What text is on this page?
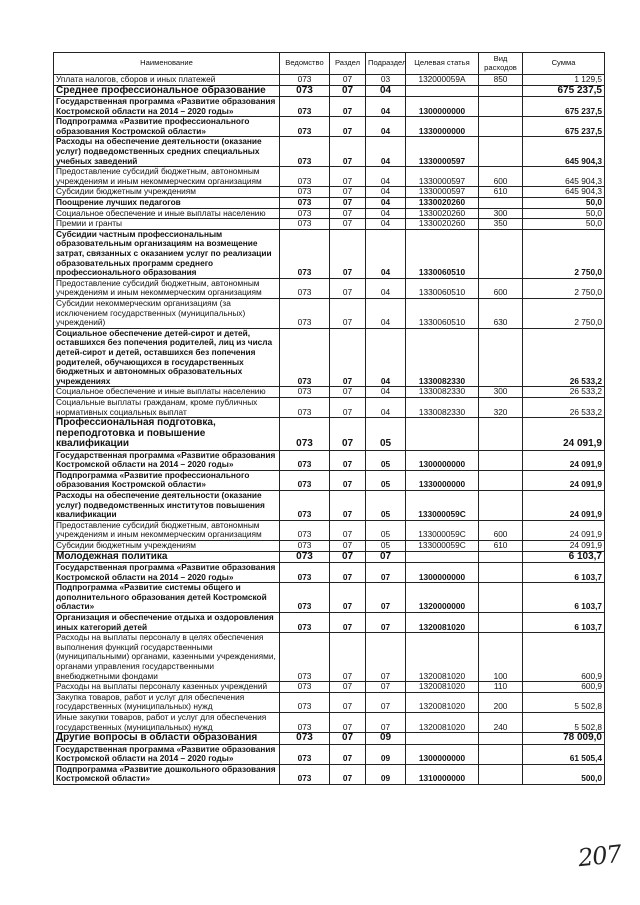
Наименование	Ведомство	Раздел	Подраздел	Целевая статья	Вид расходов	Сумма
Уплата налогов, сборов и иных платежей	073	07	03	132000059А	850	1 129,5
Среднее профессиональное образование	073	07	04			675 237,5
Государственная программа «Развитие образования Костромской области на 2014 – 2020 годы»	073	07	04	1300000000		675 237,5
Подпрограмма «Развитие профессионального образования Костромской области»	073	07	04	1330000000		675 237,5
Расходы на обеспечение деятельности (оказание услуг) подведомственных средних специальных учебных заведений	073	07	04	1330000597		645 904,3
Предоставление субсидий бюджетным, автономным учреждениям и иным некоммерческим организациям	073	07	04	1330000597	600	645 904,3
Субсидии бюджетным учреждениям	073	07	04	1330000597	610	645 904,3
Поощрение лучших педагогов	073	07	04	1330020260		50,0
Социальное обеспечение и иные выплаты населению	073	07	04	1330020260	300	50,0
Премии и гранты	073	07	04	1330020260	350	50,0
Субсидии частным профессиональным образовательным организациям на возмещение затрат, связанных с оказанием услуг по реализации образовательных программ среднего профессионального образования	073	07	04	1330060510		2 750,0
Предоставление субсидий бюджетным, автономным учреждениям и иным некоммерческим организациям	073	07	04	1330060510	600	2 750,0
Субсидии некоммерческим организациям (за исключением государственных (муниципальных) учреждений)	073	07	04	1330060510	630	2 750,0
Социальное обеспечение детей-сирот и детей, оставшихся без попечения родителей, лиц из числа детей-сирот и детей, оставшихся без попечения родителей, обучающихся в государственных бюджетных и автономных образовательных учреждениях	073	07	04	1330082330		26 533,2
Социальное обеспечение и иные выплаты населению	073	07	04	1330082330	300	26 533,2
Социальные выплаты гражданам, кроме публичных нормативных социальных выплат	073	07	04	1330082330	320	26 533,2
Профессиональная подготовка, переподготовка и повышение квалификации	073	07	05			24 091,9
Государственная программа «Развитие образования Костромской области на 2014 – 2020 годы»	073	07	05	1300000000		24 091,9
Подпрограмма «Развитие профессионального образования Костромской области»	073	07	05	1330000000		24 091,9
Расходы на обеспечение деятельности (оказание услуг) подведомственных институтов повышения квалификации	073	07	05	133000059С		24 091,9
Предоставление субсидий бюджетным, автономным учреждениям и иным некоммерческим организациям	073	07	05	133000059С	600	24 091,9
Субсидии бюджетным учреждениям	073	07	05	133000059С	610	24 091,9
Молодежная политика	073	07	07			6 103,7
Государственная программа «Развитие образования Костромской области на 2014 – 2020 годы»	073	07	07	1300000000		6 103,7
Подпрограмма «Развитие системы общего и дополнительного образования детей Костромской области»	073	07	07	1320000000		6 103,7
Организация и обеспечение отдыха и оздоровления иных категорий детей	073	07	07	1320081020		6 103,7
Расходы на выплаты персоналу в целях обеспечения выполнения функций государственными (муниципальными) органами, казенными учреждениями, органами управления государственными внебюджетными фондами	073	07	07	1320081020	100	600,9
Расходы на выплаты персоналу казенных учреждений	073	07	07	1320081020	110	600,9
Закупка товаров, работ и услуг для обеспечения государственных (муниципальных) нужд	073	07	07	1320081020	200	5 502,8
Иные закупки товаров, работ и услуг для обеспечения государственных (муниципальных) нужд	073	07	07	1320081020	240	5 502,8
Другие вопросы в области образования	073	07	09			78 009,0
Государственная программа «Развитие образования Костромской области на 2014 – 2020 годы»	073	07	09	1300000000		61 505,4
Подпрограмма «Развитие дошкольного образования Костромской области»	073	07	09	1310000000		500,0
207
